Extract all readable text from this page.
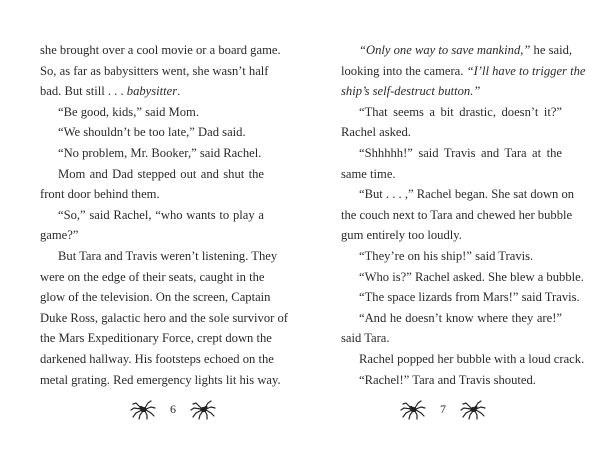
she brought over a cool movie or a board game.
So, as far as babysitters went, she wasn’t half
bad. But still . . . babysitter.
“Be good, kids,” said Mom.
“We shouldn’t be too late,” Dad said.
“No problem, Mr. Booker,” said Rachel.
Mom and Dad stepped out and shut the
front door behind them.
“So,” said Rachel, “who wants to play a
game?”
But Tara and Travis weren’t listening. They
were on the edge of their seats, caught in the
glow of the television. On the screen, Captain
Duke Ross, galactic hero and the sole survivor of
the Mars Expeditionary Force, crept down the
darkened hallway. His footsteps echoed on the
metal grating. Red emergency lights lit his way.
“Only one way to save mankind,” he said,
looking into the camera. “I’ll have to trigger the
ship’s self-destruct button.”
“That seems a bit drastic, doesn’t it?”
Rachel asked.
“Shhhhh!” said Travis and Tara at the
same time.
“But . . . ,” Rachel began. She sat down on
the couch next to Tara and chewed her bubble
gum entirely too loudly.
“They’re on his ship!” said Travis.
“Who is?” Rachel asked. She blew a bubble.
“The space lizards from Mars!” said Travis.
“And he doesn’t know where they are!”
said Tara.
Rachel popped her bubble with a loud crack.
“Rachel!” Tara and Travis shouted.
6	7
